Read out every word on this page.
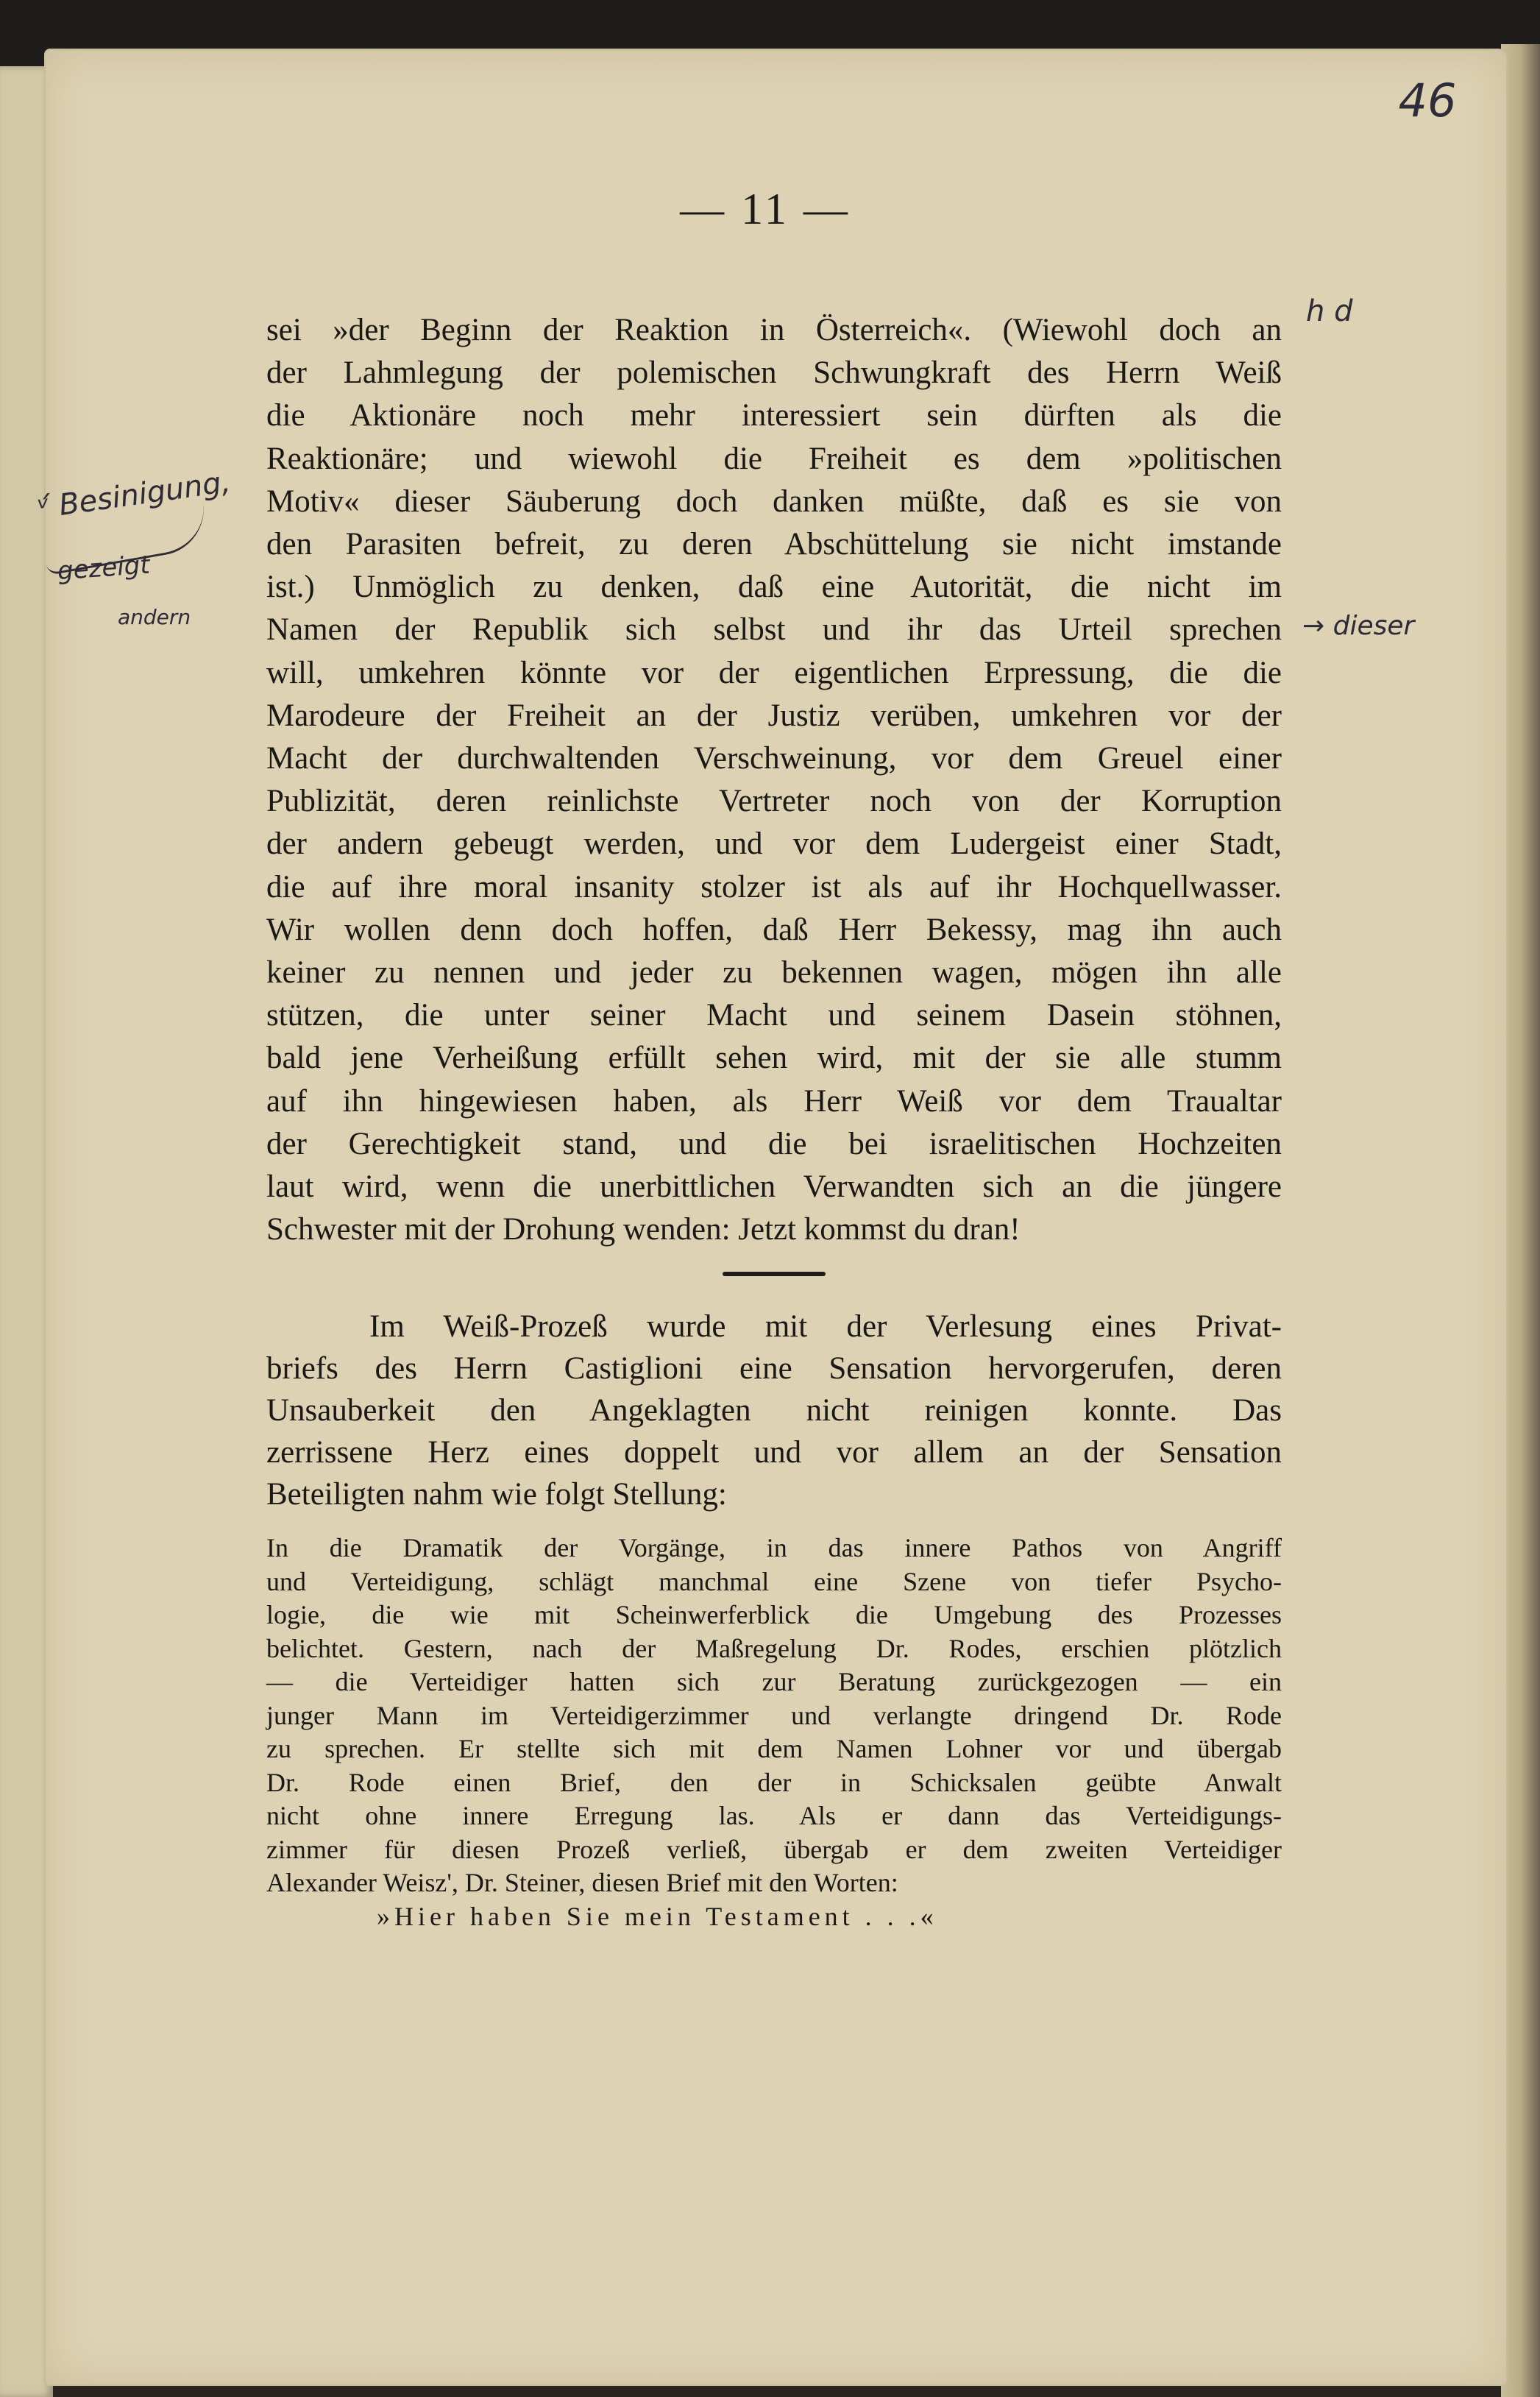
46
— 11 —
ᵛ́ Besinigung,
gezeigt
andern
h d
→ dieser
sei »der Beginn der Reaktion in Österreich«. (Wiewohl doch an
der Lahmlegung der polemischen Schwungkraft des Herrn Weiß
die Aktionäre noch mehr interessiert sein dürften als die
Reaktionäre; und wiewohl die Freiheit es dem »politischen
Motiv« dieser Säuberung doch danken müßte, daß es sie von
den Parasiten befreit, zu deren Abschüttelung sie nicht imstande
ist.) Unmöglich zu denken, daß eine Autorität, die nicht im
Namen der Republik sich selbst und ihr das Urteil sprechen
will, umkehren könnte vor der eigentlichen Erpressung, die die
Marodeure der Freiheit an der Justiz verüben, umkehren vor der
Macht der durchwaltenden Verschweinung, vor dem Greuel einer
Publizität, deren reinlichste Vertreter noch von der Korruption
der andern gebeugt werden, und vor dem Ludergeist einer Stadt,
die auf ihre moral insanity stolzer ist als auf ihr Hochquellwasser.
Wir wollen denn doch hoffen, daß Herr Bekessy, mag ihn auch
keiner zu nennen und jeder zu bekennen wagen, mögen ihn alle
stützen, die unter seiner Macht und seinem Dasein stöhnen,
bald jene Verheißung erfüllt sehen wird, mit der sie alle stumm
auf ihn hingewiesen haben, als Herr Weiß vor dem Traualtar
der Gerechtigkeit stand, und die bei israelitischen Hochzeiten
laut wird, wenn die unerbittlichen Verwandten sich an die jüngere
Schwester mit der Drohung wenden: Jetzt kommst du dran!
Im Weiß-Prozeß wurde mit der Verlesung eines Privat-
briefs des Herrn Castiglioni eine Sensation hervorgerufen, deren
Unsauberkeit den Angeklagten nicht reinigen konnte. Das
zerrissene Herz eines doppelt und vor allem an der Sensation
Beteiligten nahm wie folgt Stellung:
In die Dramatik der Vorgänge, in das innere Pathos von Angriff
und Verteidigung, schlägt manchmal eine Szene von tiefer Psycho-
logie, die wie mit Scheinwerferblick die Umgebung des Prozesses
belichtet. Gestern, nach der Maßregelung Dr. Rodes, erschien plötzlich
— die Verteidiger hatten sich zur Beratung zurückgezogen — ein
junger Mann im Verteidigerzimmer und verlangte dringend Dr. Rode
zu sprechen. Er stellte sich mit dem Namen Lohner vor und übergab
Dr. Rode einen Brief, den der in Schicksalen geübte Anwalt
nicht ohne innere Erregung las. Als er dann das Verteidigungs-
zimmer für diesen Prozeß verließ, übergab er dem zweiten Verteidiger
Alexander Weisz', Dr. Steiner, diesen Brief mit den Worten:
»Hier haben Sie mein Testament . . .«
